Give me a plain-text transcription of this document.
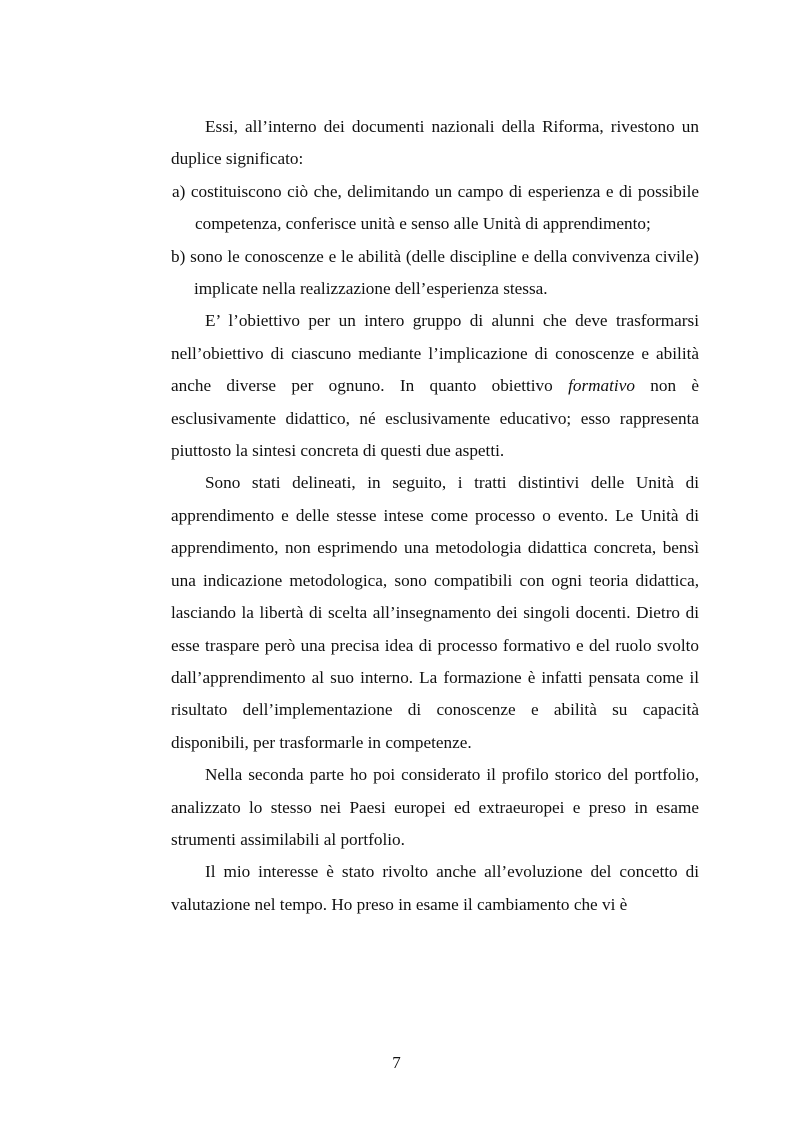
Essi, all’interno dei documenti nazionali della Riforma, rivestono un duplice significato:

a) costituiscono ciò che, delimitando un campo di esperienza e di possibile competenza, conferisce unità e senso alle Unità di apprendimento;

b) sono le conoscenze e le abilità (delle discipline e della convivenza civile) implicate nella realizzazione dell’esperienza stessa.

E’ l’obiettivo per un intero gruppo di alunni che deve trasformarsi nell’obiettivo di ciascuno mediante l’implicazione di conoscenze e abilità anche diverse per ognuno. In quanto obiettivo formativo non è esclusivamente didattico, né esclusivamente educativo; esso rappresenta piuttosto la sintesi concreta di questi due aspetti.

Sono stati delineati, in seguito, i tratti distintivi delle Unità di apprendimento e delle stesse intese come processo o evento. Le Unità di apprendimento, non esprimendo una metodologia didattica concreta, bensì una indicazione metodologica, sono compatibili con ogni teoria didattica, lasciando la libertà di scelta all’insegnamento dei singoli docenti. Dietro di esse traspare però una precisa idea di processo formativo e del ruolo svolto dall’apprendimento al suo interno. La formazione è infatti pensata come il risultato dell’implementazione di conoscenze e abilità su capacità disponibili, per trasformarle in competenze.

Nella seconda parte ho poi considerato il profilo storico del portfolio, analizzato lo stesso nei Paesi europei ed extraeuropei e preso in esame strumenti assimilabili al portfolio.

Il mio interesse è stato rivolto anche all’evoluzione del concetto di valutazione nel tempo. Ho preso in esame il cambiamento che vi è

7
